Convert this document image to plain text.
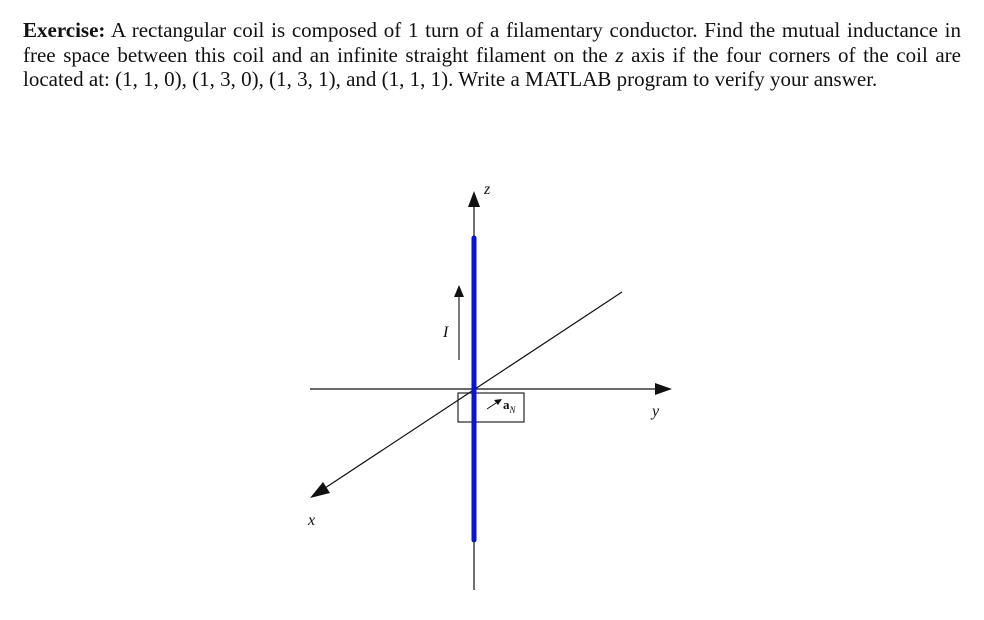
Exercise: A rectangular coil is composed of 1 turn of a filamentary conductor. Find the mutual inductance in free space between this coil and an infinite straight filament on the z axis if the four corners of the coil are located at: (1, 1, 0), (1, 3, 0), (1, 3, 1), and (1, 1, 1). Write a MATLAB program to verify your answer.
z
y
x
I
$a_N$
